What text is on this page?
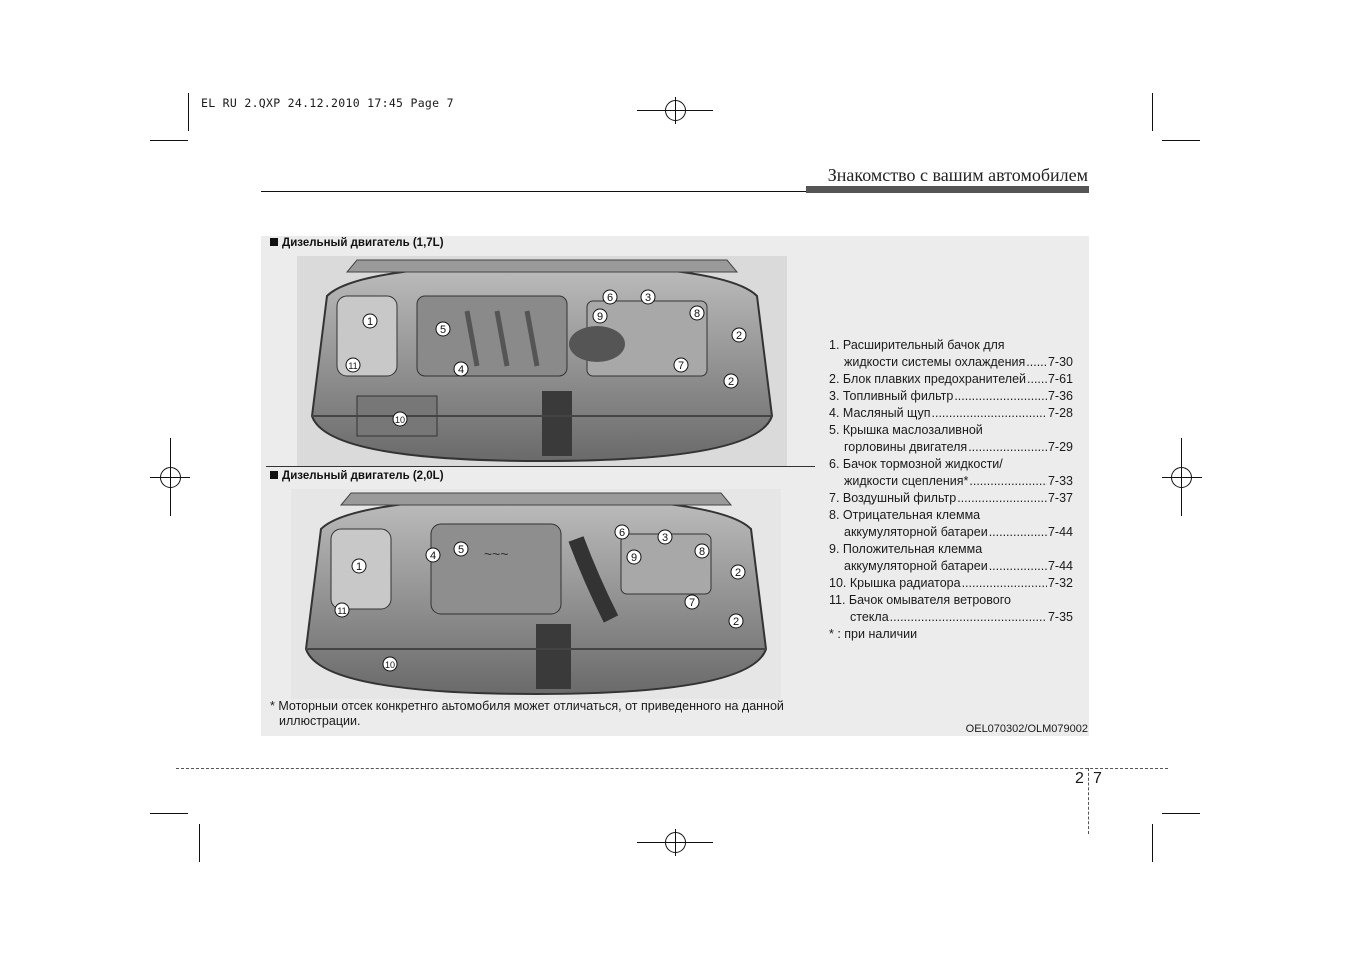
EL RU 2.QXP 24.12.2010 17:45 Page 7
Знакомство с вашим автомобилем
Дизельный двигатель (1,7L)
1
2
2
3
4
5
6
7
8
9
11
10
Дизельный двигатель (2,0L)
~~~
1	2
2
3
4 5
6
7
8
9
11
10
1. Расширительный бачок для
жидкости системы охлаждения ..... 7-30
2. Блок плавких предохранителей ..... 7-61
3. Топливный фильтр .....	7-36
4. Масляный щуп .....	7-28
5. Крышка маслозаливной
горловины двигателя .....	7-29
6. Бачок тормозной жидкости/
жидкости сцепления* .....	7-33
7. Воздушный фильтр .....	7-37
8. Отрицательная клемма
аккумуляторной батареи .....	7-44
9. Положительная клемма
аккумуляторной батареи .....	7-44
10. Крышка радиатора .....	7-32
11. Бачок омывателя ветрового
стекла .....	7-35
* : при наличии
* Моторныи отсек конкретнго аьтомобиля может отличаться, от приведенного на данной
иллюстрации.
OEL070302/OLM079002
2 7
